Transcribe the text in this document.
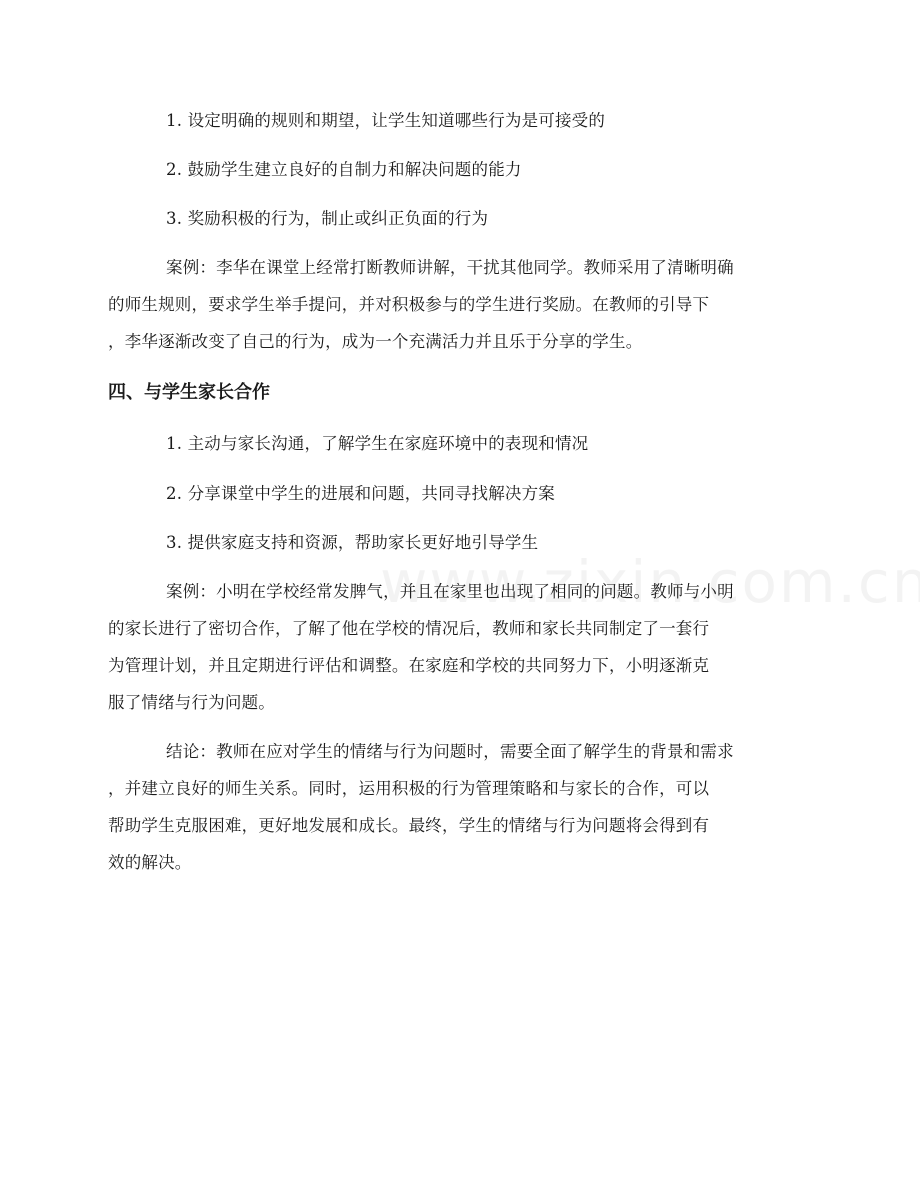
1. 设定明确的规则和期望，让学生知道哪些行为是可接受的
2. 鼓励学生建立良好的自制力和解决问题的能力
3. 奖励积极的行为，制止或纠正负面的行为
案例：李华在课堂上经常打断教师讲解，干扰其他同学。教师采用了清晰明确
的师生规则，要求学生举手提问，并对积极参与的学生进行奖励。在教师的引导下
，李华逐渐改变了自己的行为，成为一个充满活力并且乐于分享的学生。
四、与学生家长合作
1. 主动与家长沟通，了解学生在家庭环境中的表现和情况
2. 分享课堂中学生的进展和问题，共同寻找解决方案
3. 提供家庭支持和资源，帮助家长更好地引导学生
案例：小明在学校经常发脾气，并且在家里也出现了相同的问题。教师与小明
的家长进行了密切合作，了解了他在学校的情况后，教师和家长共同制定了一套行
为管理计划，并且定期进行评估和调整。在家庭和学校的共同努力下，小明逐渐克
服了情绪与行为问题。
结论：教师在应对学生的情绪与行为问题时，需要全面了解学生的背景和需求
，并建立良好的师生关系。同时，运用积极的行为管理策略和与家长的合作，可以
帮助学生克服困难，更好地发展和成长。最终，学生的情绪与行为问题将会得到有
效的解决。
